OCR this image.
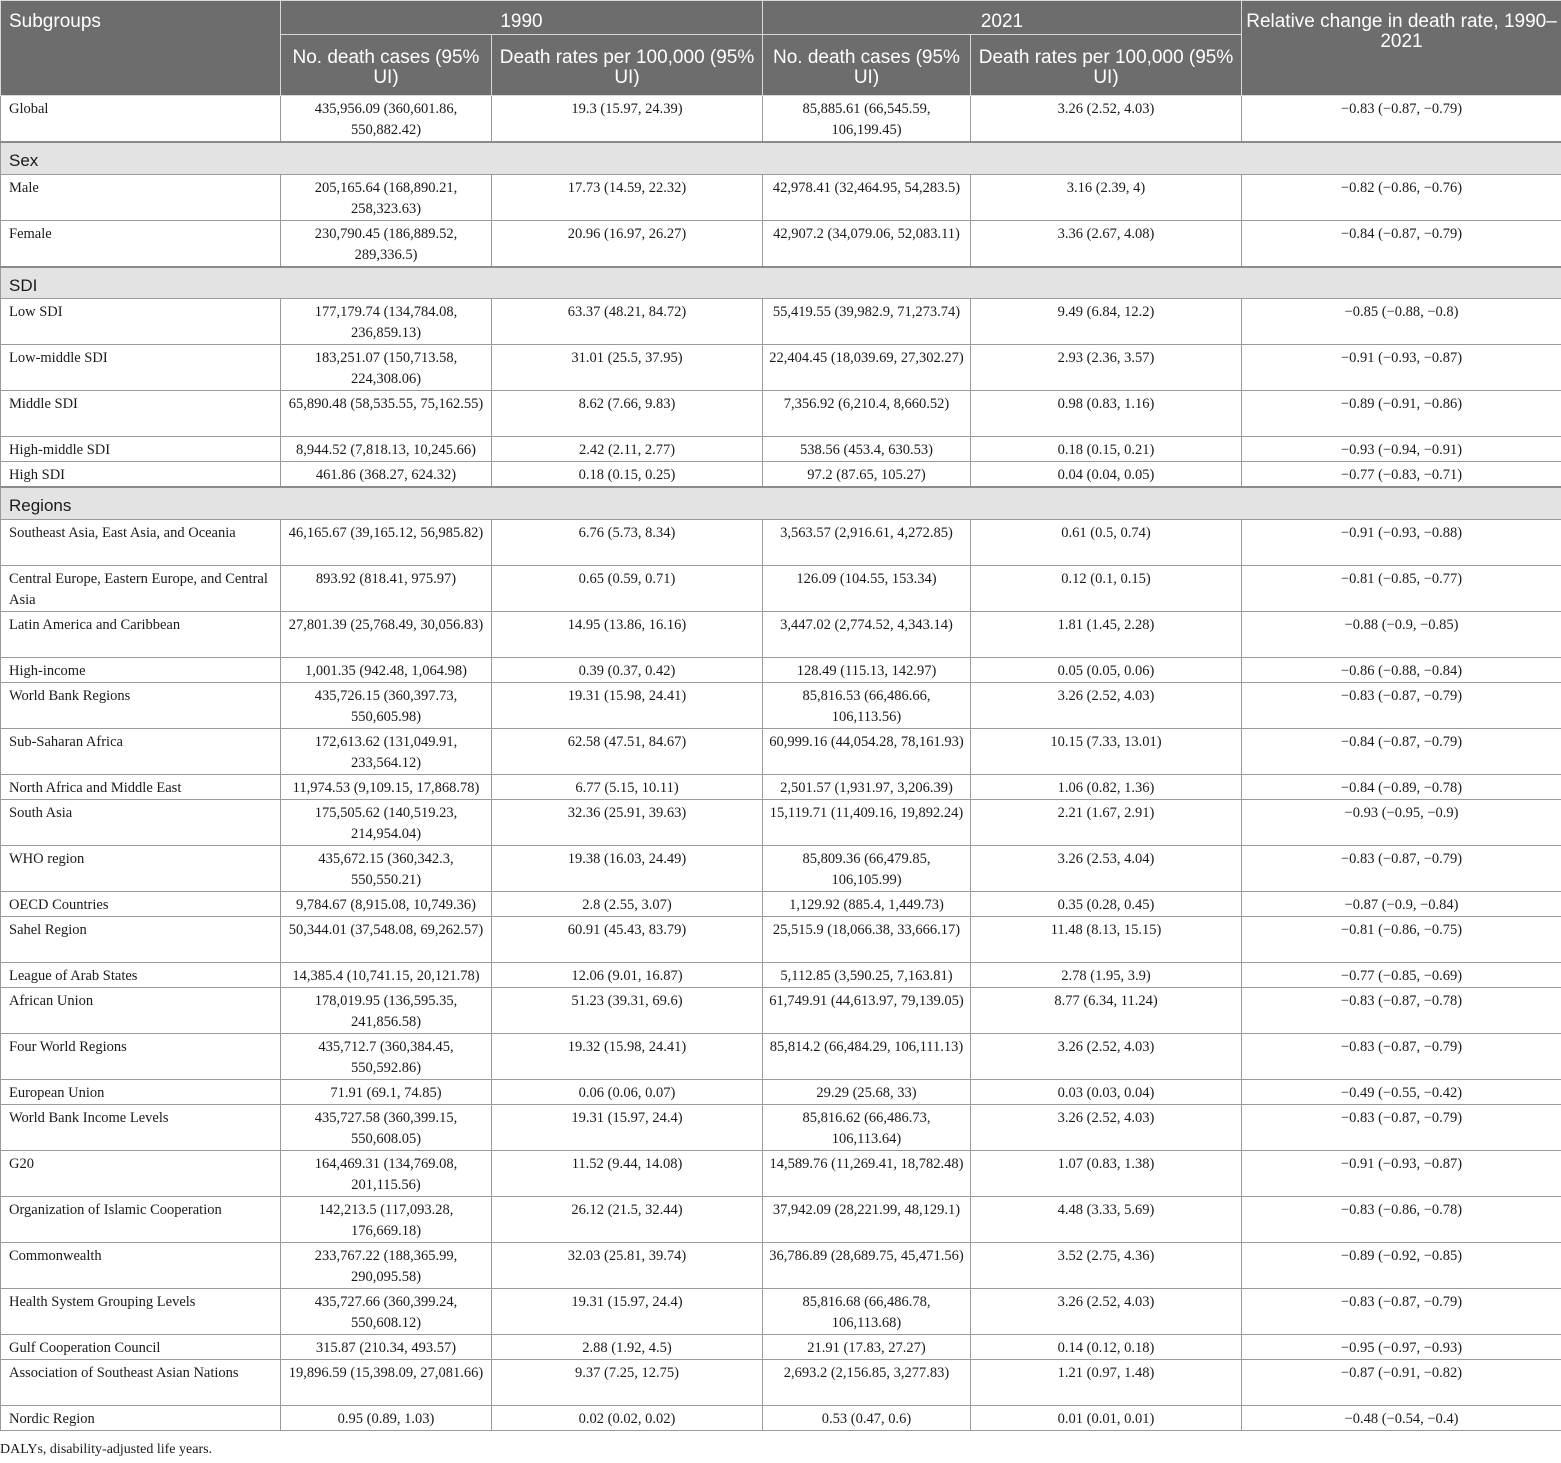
Subgroups	1990		2021		Relative change in death rate, 1990–2021
	No. death cases (95% UI)	Death rates per 100,000 (95% UI)	No. death cases (95% UI)	Death rates per 100,000 (95% UI)	
Global	435,956.09 (360,601.86, 550,882.42)	19.3 (15.97, 24.39)	85,885.61 (66,545.59, 106,199.45)	3.26 (2.52, 4.03)	−0.83 (−0.87, −0.79)
Sex					
Male	205,165.64 (168,890.21, 258,323.63)	17.73 (14.59, 22.32)	42,978.41 (32,464.95, 54,283.5)	3.16 (2.39, 4)	−0.82 (−0.86, −0.76)
Female	230,790.45 (186,889.52, 289,336.5)	20.96 (16.97, 26.27)	42,907.2 (34,079.06, 52,083.11)	3.36 (2.67, 4.08)	−0.84 (−0.87, −0.79)
SDI					
Low SDI	177,179.74 (134,784.08, 236,859.13)	63.37 (48.21, 84.72)	55,419.55 (39,982.9, 71,273.74)	9.49 (6.84, 12.2)	−0.85 (−0.88, −0.8)
Low-middle SDI	183,251.07 (150,713.58, 224,308.06)	31.01 (25.5, 37.95)	22,404.45 (18,039.69, 27,302.27)	2.93 (2.36, 3.57)	−0.91 (−0.93, −0.87)
Middle SDI	65,890.48 (58,535.55, 75,162.55)	8.62 (7.66, 9.83)	7,356.92 (6,210.4, 8,660.52)	0.98 (0.83, 1.16)	−0.89 (−0.91, −0.86)
High-middle SDI	8,944.52 (7,818.13, 10,245.66)	2.42 (2.11, 2.77)	538.56 (453.4, 630.53)	0.18 (0.15, 0.21)	−0.93 (−0.94, −0.91)
High SDI	461.86 (368.27, 624.32)	0.18 (0.15, 0.25)	97.2 (87.65, 105.27)	0.04 (0.04, 0.05)	−0.77 (−0.83, −0.71)
Regions					
Southeast Asia, East Asia, and Oceania	46,165.67 (39,165.12, 56,985.82)	6.76 (5.73, 8.34)	3,563.57 (2,916.61, 4,272.85)	0.61 (0.5, 0.74)	−0.91 (−0.93, −0.88)
Central Europe, Eastern Europe, and Central Asia	893.92 (818.41, 975.97)	0.65 (0.59, 0.71)	126.09 (104.55, 153.34)	0.12 (0.1, 0.15)	−0.81 (−0.85, −0.77)
Latin America and Caribbean	27,801.39 (25,768.49, 30,056.83)	14.95 (13.86, 16.16)	3,447.02 (2,774.52, 4,343.14)	1.81 (1.45, 2.28)	−0.88 (−0.9, −0.85)
High-income	1,001.35 (942.48, 1,064.98)	0.39 (0.37, 0.42)	128.49 (115.13, 142.97)	0.05 (0.05, 0.06)	−0.86 (−0.88, −0.84)
World Bank Regions	435,726.15 (360,397.73, 550,605.98)	19.31 (15.98, 24.41)	85,816.53 (66,486.66, 106,113.56)	3.26 (2.52, 4.03)	−0.83 (−0.87, −0.79)
Sub-Saharan Africa	172,613.62 (131,049.91, 233,564.12)	62.58 (47.51, 84.67)	60,999.16 (44,054.28, 78,161.93)	10.15 (7.33, 13.01)	−0.84 (−0.87, −0.79)
North Africa and Middle East	11,974.53 (9,109.15, 17,868.78)	6.77 (5.15, 10.11)	2,501.57 (1,931.97, 3,206.39)	1.06 (0.82, 1.36)	−0.84 (−0.89, −0.78)
South Asia	175,505.62 (140,519.23, 214,954.04)	32.36 (25.91, 39.63)	15,119.71 (11,409.16, 19,892.24)	2.21 (1.67, 2.91)	−0.93 (−0.95, −0.9)
WHO region	435,672.15 (360,342.3, 550,550.21)	19.38 (16.03, 24.49)	85,809.36 (66,479.85, 106,105.99)	3.26 (2.53, 4.04)	−0.83 (−0.87, −0.79)
OECD Countries	9,784.67 (8,915.08, 10,749.36)	2.8 (2.55, 3.07)	1,129.92 (885.4, 1,449.73)	0.35 (0.28, 0.45)	−0.87 (−0.9, −0.84)
Sahel Region	50,344.01 (37,548.08, 69,262.57)	60.91 (45.43, 83.79)	25,515.9 (18,066.38, 33,666.17)	11.48 (8.13, 15.15)	−0.81 (−0.86, −0.75)
League of Arab States	14,385.4 (10,741.15, 20,121.78)	12.06 (9.01, 16.87)	5,112.85 (3,590.25, 7,163.81)	2.78 (1.95, 3.9)	−0.77 (−0.85, −0.69)
African Union	178,019.95 (136,595.35, 241,856.58)	51.23 (39.31, 69.6)	61,749.91 (44,613.97, 79,139.05)	8.77 (6.34, 11.24)	−0.83 (−0.87, −0.78)
Four World Regions	435,712.7 (360,384.45, 550,592.86)	19.32 (15.98, 24.41)	85,814.2 (66,484.29, 106,111.13)	3.26 (2.52, 4.03)	−0.83 (−0.87, −0.79)
European Union	71.91 (69.1, 74.85)	0.06 (0.06, 0.07)	29.29 (25.68, 33)	0.03 (0.03, 0.04)	−0.49 (−0.55, −0.42)
World Bank Income Levels	435,727.58 (360,399.15, 550,608.05)	19.31 (15.97, 24.4)	85,816.62 (66,486.73, 106,113.64)	3.26 (2.52, 4.03)	−0.83 (−0.87, −0.79)
G20	164,469.31 (134,769.08, 201,115.56)	11.52 (9.44, 14.08)	14,589.76 (11,269.41, 18,782.48)	1.07 (0.83, 1.38)	−0.91 (−0.93, −0.87)
Organization of Islamic Cooperation	142,213.5 (117,093.28, 176,669.18)	26.12 (21.5, 32.44)	37,942.09 (28,221.99, 48,129.1)	4.48 (3.33, 5.69)	−0.83 (−0.86, −0.78)
Commonwealth	233,767.22 (188,365.99, 290,095.58)	32.03 (25.81, 39.74)	36,786.89 (28,689.75, 45,471.56)	3.52 (2.75, 4.36)	−0.89 (−0.92, −0.85)
Health System Grouping Levels	435,727.66 (360,399.24, 550,608.12)	19.31 (15.97, 24.4)	85,816.68 (66,486.78, 106,113.68)	3.26 (2.52, 4.03)	−0.83 (−0.87, −0.79)
Gulf Cooperation Council	315.87 (210.34, 493.57)	2.88 (1.92, 4.5)	21.91 (17.83, 27.27)	0.14 (0.12, 0.18)	−0.95 (−0.97, −0.93)
Association of Southeast Asian Nations	19,896.59 (15,398.09, 27,081.66)	9.37 (7.25, 12.75)	2,693.2 (2,156.85, 3,277.83)	1.21 (0.97, 1.48)	−0.87 (−0.91, −0.82)
Nordic Region	0.95 (0.89, 1.03)	0.02 (0.02, 0.02)	0.53 (0.47, 0.6)	0.01 (0.01, 0.01)	−0.48 (−0.54, −0.4)
DALYs, disability-adjusted life years.
